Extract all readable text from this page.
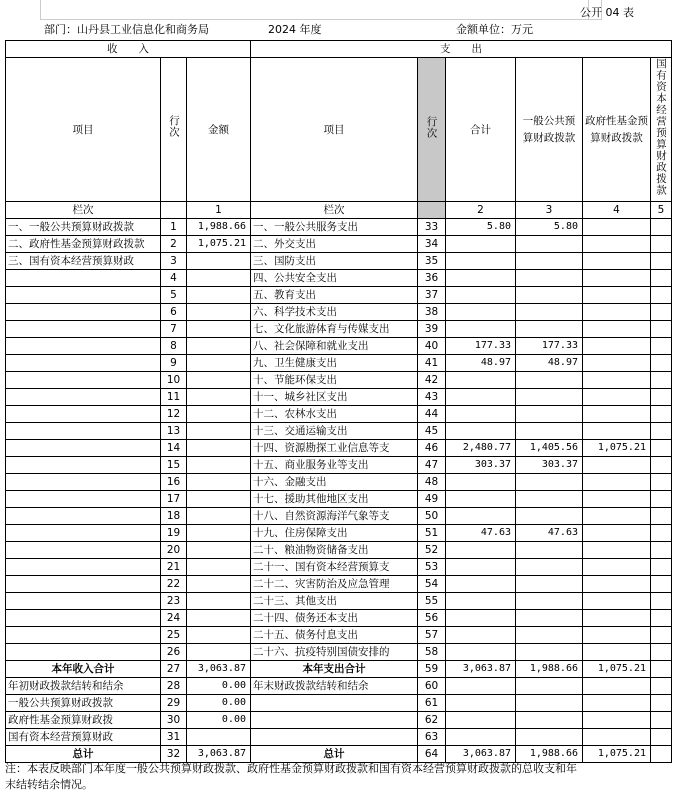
公开 04 表
部门：山丹县工业信息化和商务局	2024 年度	金额单位：万元
收　　入			支　　出					
项目	行次	金额	项目	行次	合计	一般公共预算财政拨款	政府性基金预算财政拨款	国有资本经营预算财政拨款
栏次		1	栏次		2	3	4	5
一、一般公共预算财政拨款	1	1,988.66	一、一般公共服务支出	33	5.80	5.80		
二、政府性基金预算财政拨款	2	1,075.21	二、外交支出	34				
三、国有资本经营预算财政	3		三、国防支出	35				
	4		四、公共安全支出	36				
	5		五、教育支出	37				
	6		六、科学技术支出	38				
	7		七、文化旅游体育与传媒支出	39				
	8		八、社会保障和就业支出	40	177.33	177.33		
	9		九、卫生健康支出	41	48.97	48.97		
	10		十、节能环保支出	42				
	11		十一、城乡社区支出	43				
	12		十二、农林水支出	44				
	13		十三、交通运输支出	45				
	14		十四、资源勘探工业信息等支	46	2,480.77	1,405.56	1,075.21	
	15		十五、商业服务业等支出	47	303.37	303.37		
	16		十六、金融支出	48				
	17		十七、援助其他地区支出	49				
	18		十八、自然资源海洋气象等支	50				
	19		十九、住房保障支出	51	47.63	47.63		
	20		二十、粮油物资储备支出	52				
	21		二十一、国有资本经营预算支	53				
	22		二十二、灾害防治及应急管理	54				
	23		二十三、其他支出	55				
	24		二十四、债务还本支出	56				
	25		二十五、债务付息支出	57				
	26		二十六、抗疫特别国债安排的	58				
本年收入合计	27	3,063.87	本年支出合计	59	3,063.87	1,988.66	1,075.21	
年初财政拨款结转和结余	28	0.00	年末财政拨款结转和结余	60				
一般公共预算财政拨款	29	0.00		61				
政府性基金预算财政拨	30	0.00		62				
国有资本经营预算财政	31			63				
总计	32	3,063.87	总计	64	3,063.87	1,988.66	1,075.21	
注：本表反映部门本年度一般公共预算财政拨款、政府性基金预算财政拨款和国有资本经营预算财政拨款的总收支和年
末结转结余情况。
